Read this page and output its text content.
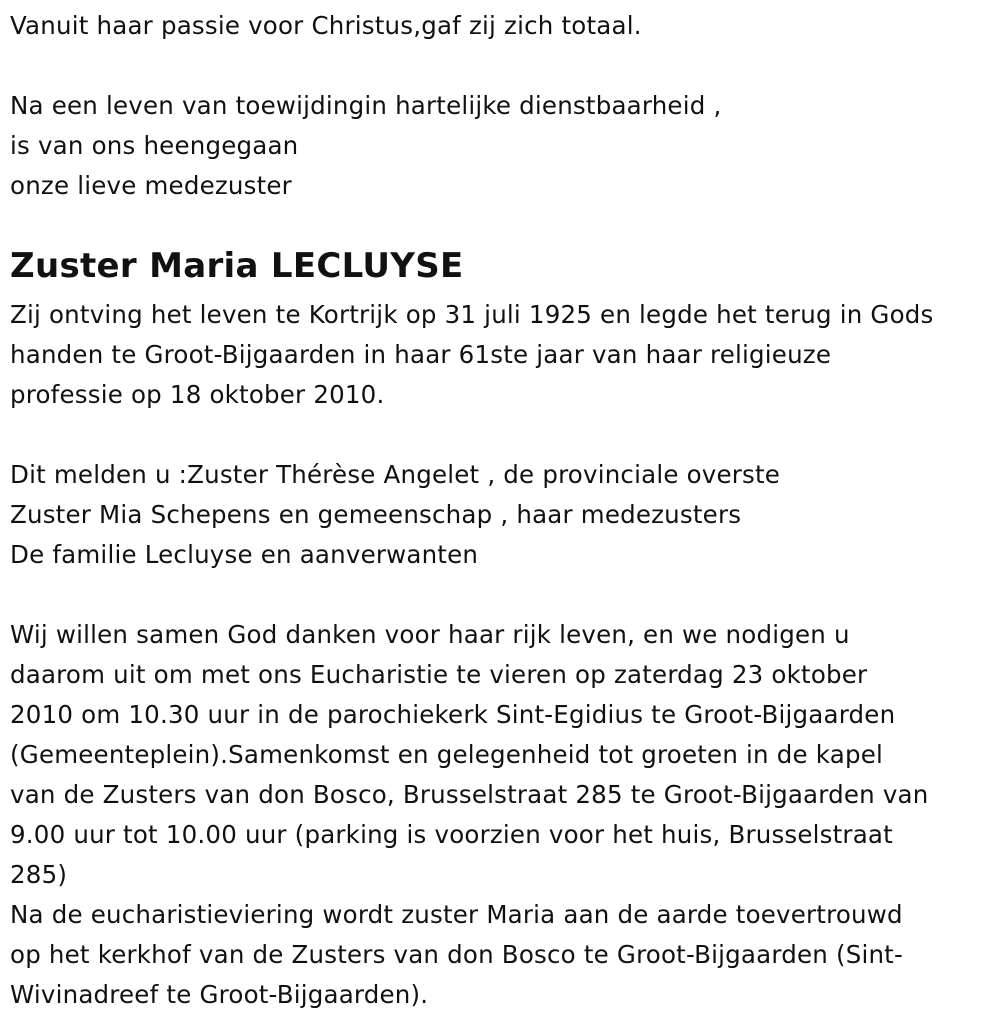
Vanuit haar passie voor Christus,gaf zij zich totaal.
Na een leven van toewijdingin hartelijke dienstbaarheid ,
is van ons heengegaan
onze lieve medezuster
Zuster Maria LECLUYSE
Zij ontving het leven te Kortrijk op 31 juli 1925 en legde het terug in Gods
handen te Groot-Bijgaarden in haar 61ste jaar van haar religieuze
professie op 18 oktober 2010.
Dit melden u :Zuster Thérèse Angelet , de provinciale overste
Zuster Mia Schepens en gemeenschap , haar medezusters
De familie Lecluyse en aanverwanten
Wij willen samen God danken voor haar rijk leven, en we nodigen u
daarom uit om met ons Eucharistie te vieren op zaterdag 23 oktober
2010 om 10.30 uur in de parochiekerk Sint-Egidius te Groot-Bijgaarden
(Gemeenteplein).Samenkomst en gelegenheid tot groeten in de kapel
van de Zusters van don Bosco, Brusselstraat 285 te Groot-Bijgaarden van
9.00 uur tot 10.00 uur (parking is voorzien voor het huis, Brusselstraat
285)
Na de eucharistieviering wordt zuster Maria aan de aarde toevertrouwd
op het kerkhof van de Zusters van don Bosco te Groot-Bijgaarden (Sint-
Wivinadreef te Groot-Bijgaarden).
